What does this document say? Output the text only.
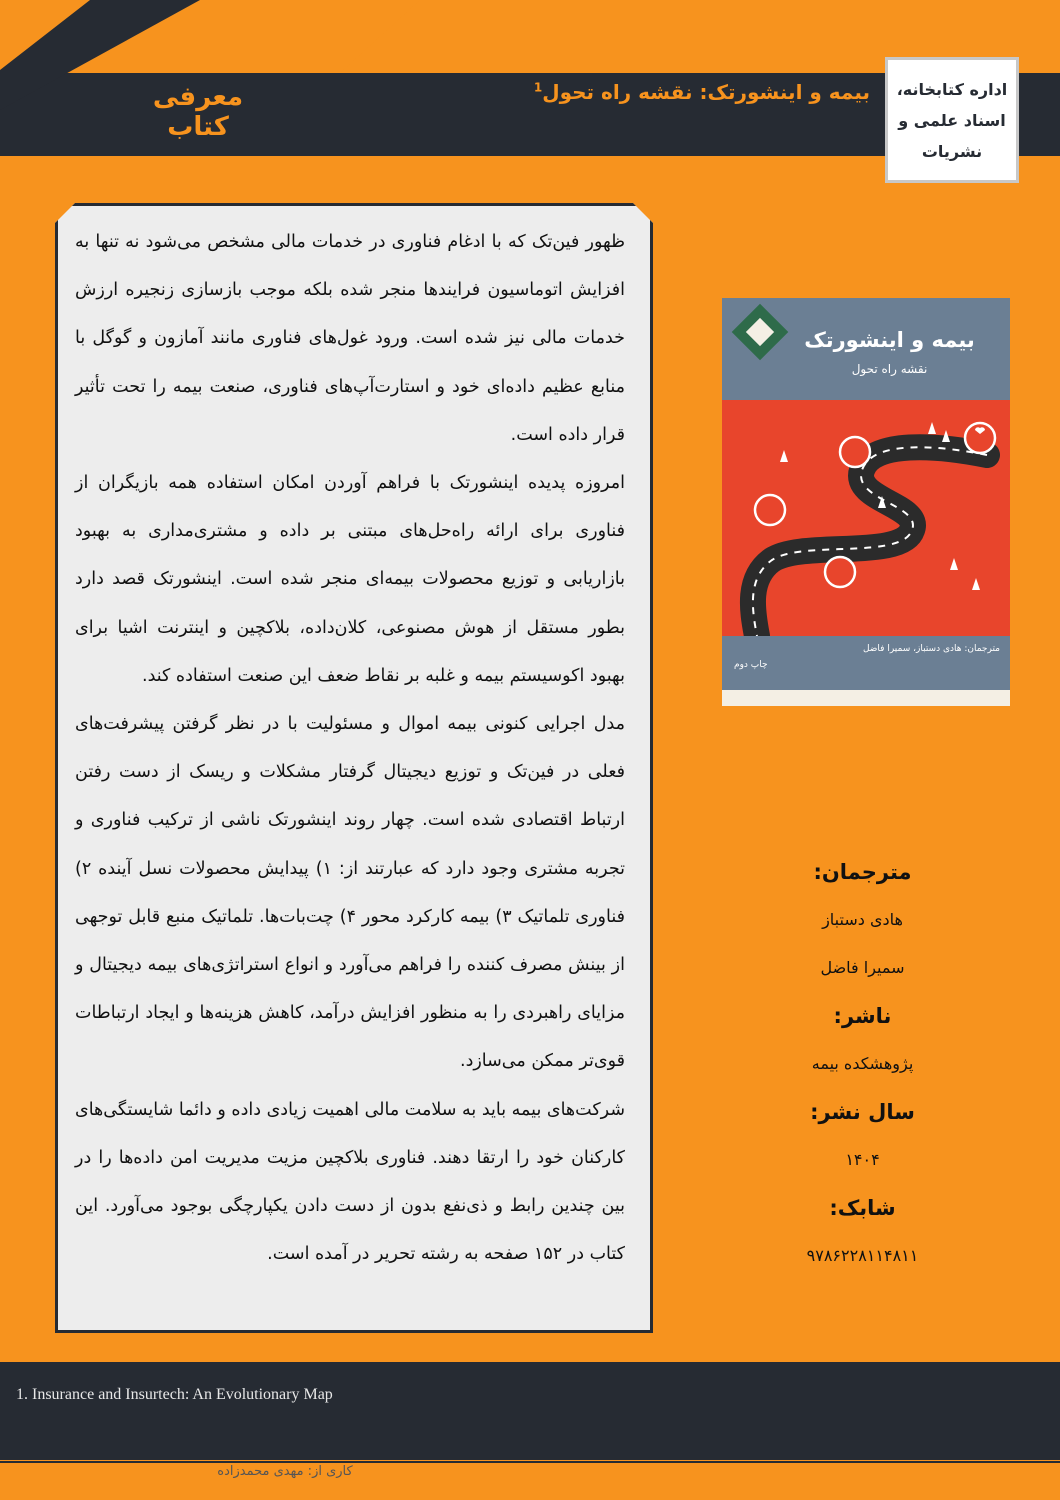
معرفی کتاب
بیمه و اینشورتک: نقشه راه تحول$^1$	اداره کتابخانه،
اسناد علمی و
نشریات

ظهور فین‌تک که با ادغام فناوری در خدمات مالی مشخص می‌شود نه تنها به افزایش اتوماسیون فرایندها منجر شده بلکه موجب بازسازی زنجیره ارزش خدمات مالی نیز شده است. ورود غول‌های فناوری مانند آمازون و گوگل با منابع عظیم داده‌ای خود و استارت‌آپ‌های فناوری، صنعت بیمه را تحت تأثیر قرار داده است.

امروزه پدیده اینشورتک با فراهم آوردن امکان استفاده همه بازیگران از فناوری برای ارائه راه‌حل‌های مبتنی بر داده و مشتری‌مداری به بهبود بازاریابی و توزیع محصولات بیمه‌ای منجر شده است. اینشورتک قصد دارد بطور مستقل از هوش مصنوعی، کلان‌داده، بلاکچین و اینترنت اشیا برای بهبود اکوسیستم بیمه و غلبه بر نقاط ضعف این صنعت استفاده کند.

مدل اجرایی کنونی بیمه اموال و مسئولیت با در نظر گرفتن پیشرفت‌های فعلی در فین‌تک و توزیع دیجیتال گرفتار مشکلات و ریسک از دست رفتن ارتباط اقتصادی شده است. چهار روند اینشورتک ناشی از ترکیب فناوری و تجربه مشتری وجود دارد که عبارتند از: ۱) پیدایش محصولات نسل آینده ۲) فناوری تلماتیک ۳) بیمه کارکرد محور ۴) چت‌بات‌ها. تلماتیک منبع قابل توجهی از بینش مصرف کننده را فراهم می‌آورد و انواع استراتژی‌های بیمه دیجیتال و مزایای راهبردی را به منظور افزایش درآمد، کاهش هزینه‌ها و ایجاد ارتباطات قوی‌تر ممکن می‌سازد.

شرکت‌های بیمه باید به سلامت مالی اهمیت زیادی داده و دائما شایستگی‌های کارکنان خود را ارتقا دهند. فناوری بلاکچین مزیت مدیریت امن داده‌ها را در بین چندین رابط و ذی‌نفع بدون از دست دادن یکپارچگی بوجود می‌آورد. این کتاب در ۱۵۲ صفحه به رشته تحریر در آمده است.

بیمه و اینشورتک
نقشه راه تحول
مترجمان: هادی دستباز، سمیرا فاضل
چاپ دوم
مترجمان:
هادی دستباز
سمیرا فاضل
ناشر:
پژوهشکده بیمه
سال نشر:
۱۴۰۴
شابک:
۹۷۸۶۲۲۸۱۱۴۸۱۱
1. Insurance and Insurtech: An Evolutionary Map
کاری از: مهدی محمدزاده
